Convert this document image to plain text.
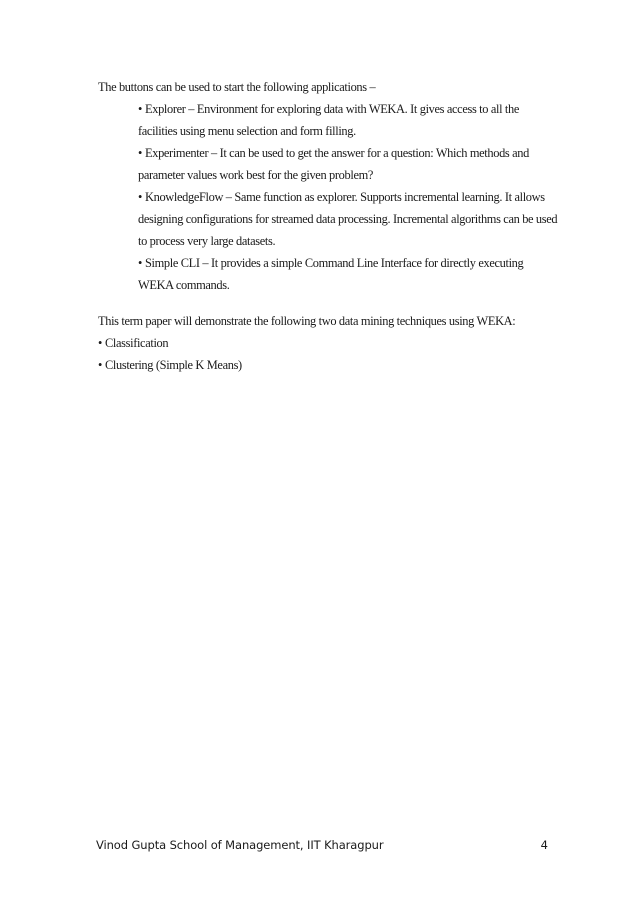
The buttons can be used to start the following applications –

• Explorer – Environment for exploring data with WEKA. It gives access to all the facilities using menu selection and form filling.
• Experimenter – It can be used to get the answer for a question: Which methods and parameter values work best for the given problem?
• KnowledgeFlow – Same function as explorer. Supports incremental learning. It allows designing configurations for streamed data processing. Incremental algorithms can be used to process very large datasets.
• Simple CLI – It provides a simple Command Line Interface for directly executing WEKA commands.

This term paper will demonstrate the following two data mining techniques using WEKA:

• Classification
• Clustering (Simple K Means)
Vinod Gupta School of Management, IIT Kharagpur	4
